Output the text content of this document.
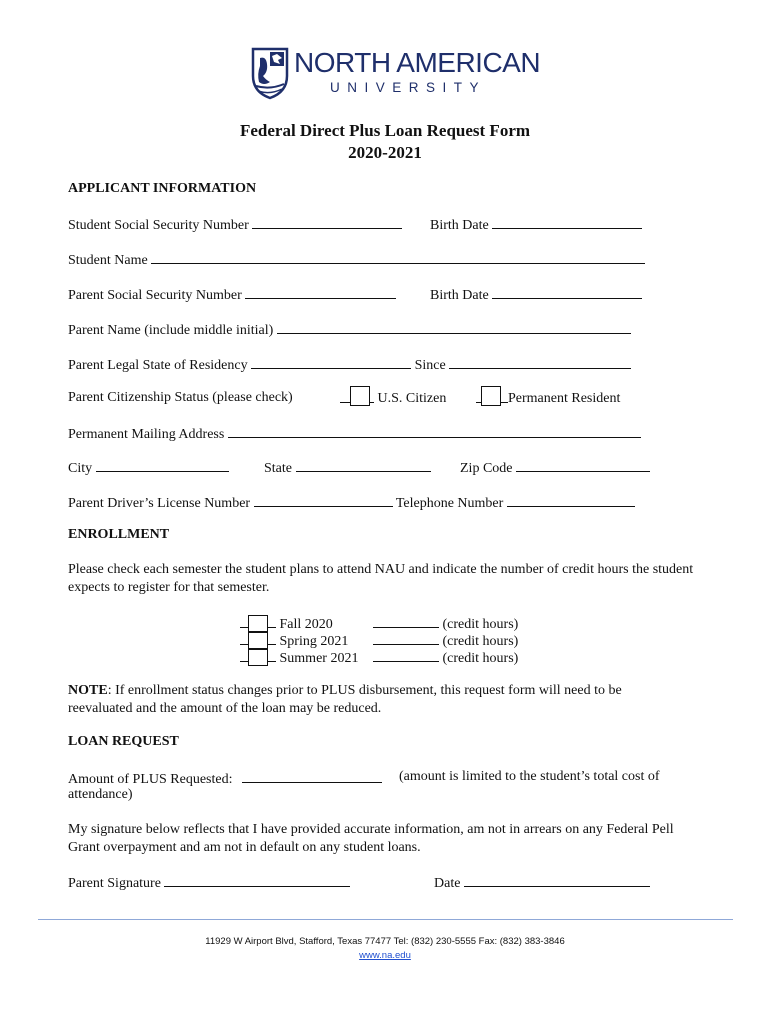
NORTH AMERICAN
UNIVERSITY
Federal Direct Plus Loan Request Form
2020-2021
APPLICANT INFORMATION
Student Social Security Number	Birth Date
Student Name
Parent Social Security Number	Birth Date
Parent Name (include middle initial)
Parent Legal State of Residency	Since
Parent Citizenship Status (please check)	U.S. Citizen	Permanent Resident
Permanent Mailing Address
City	State	Zip Code
Parent Driver’s License Number	Telephone Number
ENROLLMENT
Please check each semester the student plans to attend NAU and indicate the number of credit hours the student expects to register for that semester.
Fall 2020	(credit hours)
Spring 2021	(credit hours)
Summer 2021	(credit hours)
NOTE: If enrollment status changes prior to PLUS disbursement, this request form will need to be reevaluated and the amount of the loan may be reduced.
LOAN REQUEST
Amount of PLUS Requested:	(amount is limited to the student’s total cost of attendance)
My signature below reflects that I have provided accurate information, am not in arrears on any Federal Pell Grant overpayment and am not in default on any student loans.
Parent Signature	Date
11929 W Airport Blvd, Stafford, Texas 77477 Tel: (832) 230-5555 Fax: (832) 383-3846
www.na.edu
